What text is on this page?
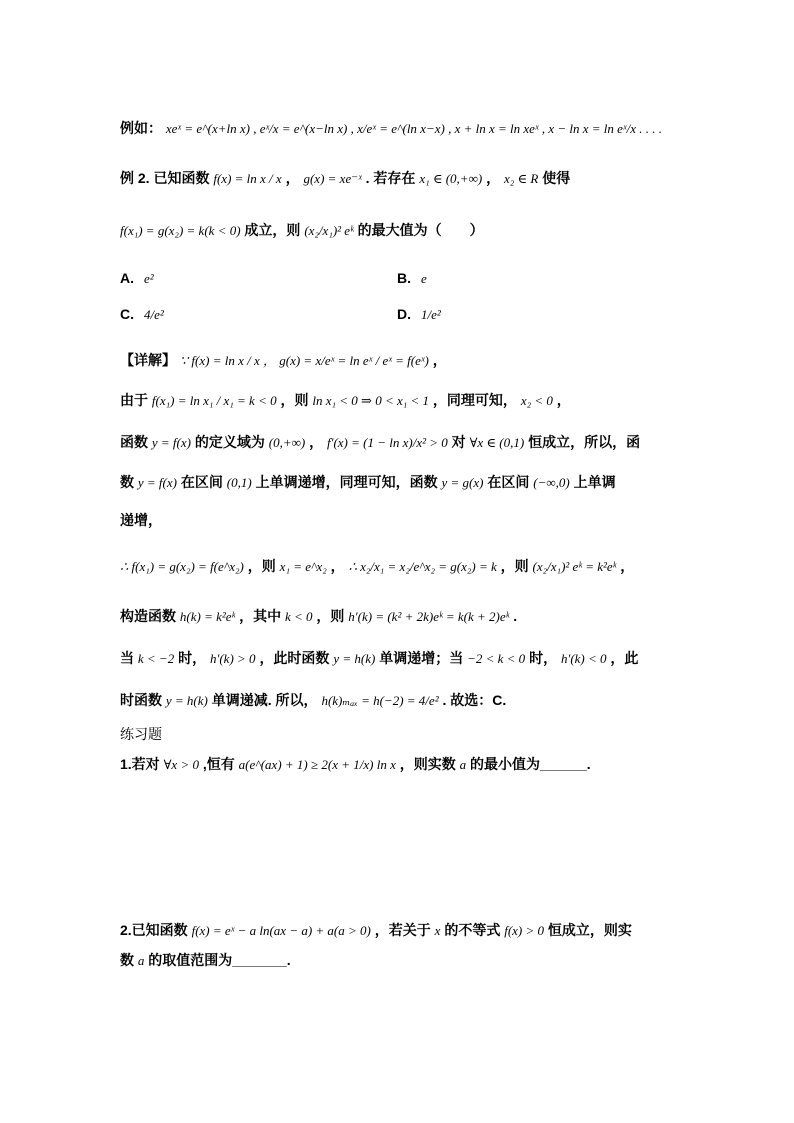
例如： xeˣ = e^(x+ln x) , eˣ/x = e^(x−ln x) , x/eˣ = e^(ln x−x) , x + ln x = ln xeˣ , x − ln x = ln eˣ/x . . . .
例 2. 已知函数 f(x) = ln x / x ， g(x) = xe⁻ˣ . 若存在 x₁ ∈ (0,+∞) ， x₂ ∈ R 使得
f(x₁) = g(x₂) = k(k < 0) 成立，则 (x₂/x₁)² eᵏ 的最大值为（　　）
A. e²	B. e
C. 4/e²	D. 1/e²
【详解】 ∵ f(x) = ln x / x ， g(x) = x/eˣ = ln eˣ / eˣ = f(eˣ) ，
由于 f(x₁) = ln x₁ / x₁ = k < 0 ，则 ln x₁ < 0 ⇒ 0 < x₁ < 1 ，同理可知， x₂ < 0 ，
函数 y = f(x) 的定义域为 (0,+∞) ， f′(x) = (1 − ln x)/x² > 0 对 ∀x ∈ (0,1) 恒成立，所以，函
数 y = f(x) 在区间 (0,1) 上单调递增，同理可知，函数 y = g(x) 在区间 (−∞,0) 上单调
递增，
∴ f(x₁) = g(x₂) = f(e^x₂) ，则 x₁ = e^x₂ ， ∴ x₂/x₁ = x₂/e^x₂ = g(x₂) = k ，则 (x₂/x₁)² eᵏ = k²eᵏ ，
构造函数 h(k) = k²eᵏ ，其中 k < 0 ，则 h′(k) = (k² + 2k)eᵏ = k(k + 2)eᵏ .
当 k < −2 时， h′(k) > 0 ，此时函数 y = h(k) 单调递增；当 −2 < k < 0 时， h′(k) < 0 ，此
时函数 y = h(k) 单调递减. 所以， h(k)ₘₐₓ = h(−2) = 4/e² . 故选：C.
练习题
1.若对 ∀x > 0 ,恒有 a(e^(ax) + 1) ≥ 2(x + 1/x) ln x ，则实数 a 的最小值为______.
2.已知函数 f(x) = eˣ − a ln(ax − a) + a(a > 0) ，若关于 x 的不等式 f(x) > 0 恒成立，则实
数 a 的取值范围为_______.
